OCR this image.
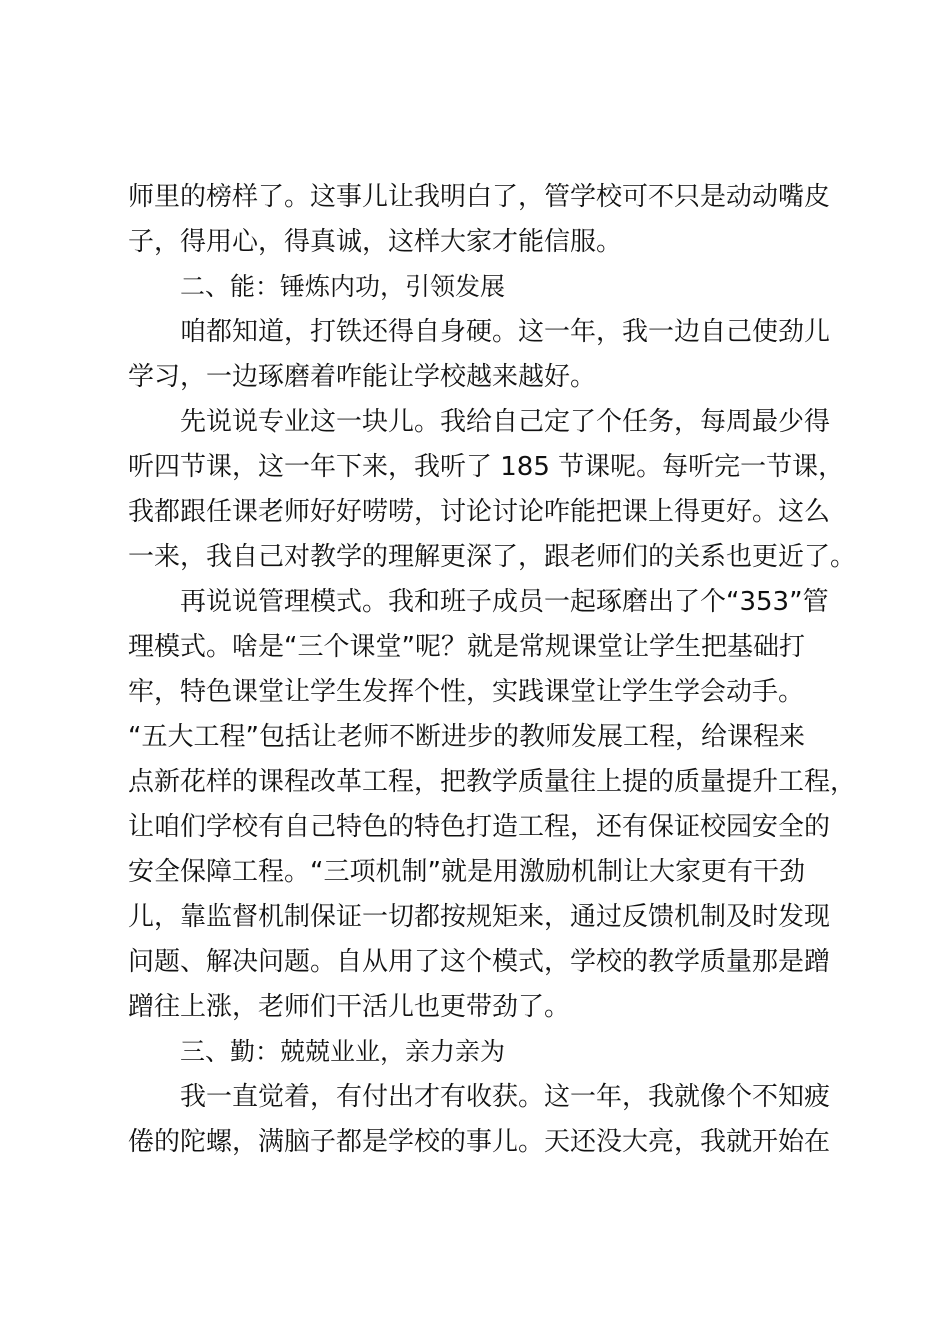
师里的榜样了。这事儿让我明白了，管学校可不只是动动嘴皮
子，得用心，得真诚，这样大家才能信服。
二、能：锤炼内功，引领发展
咱都知道，打铁还得自身硬。这一年，我一边自己使劲儿
学习，一边琢磨着咋能让学校越来越好。
先说说专业这一块儿。我给自己定了个任务，每周最少得
听四节课，这一年下来，我听了 185 节课呢。每听完一节课，
我都跟任课老师好好唠唠，讨论讨论咋能把课上得更好。这么
一来，我自己对教学的理解更深了，跟老师们的关系也更近了。
再说说管理模式。我和班子成员一起琢磨出了个“353”管
理模式。啥是“三个课堂”呢？就是常规课堂让学生把基础打
牢，特色课堂让学生发挥个性，实践课堂让学生学会动手。
“五大工程”包括让老师不断进步的教师发展工程，给课程来
点新花样的课程改革工程，把教学质量往上提的质量提升工程，
让咱们学校有自己特色的特色打造工程，还有保证校园安全的
安全保障工程。“三项机制”就是用激励机制让大家更有干劲
儿，靠监督机制保证一切都按规矩来，通过反馈机制及时发现
问题、解决问题。自从用了这个模式，学校的教学质量那是蹭
蹭往上涨，老师们干活儿也更带劲了。
三、勤：兢兢业业，亲力亲为
我一直觉着，有付出才有收获。这一年，我就像个不知疲
倦的陀螺，满脑子都是学校的事儿。天还没大亮，我就开始在
